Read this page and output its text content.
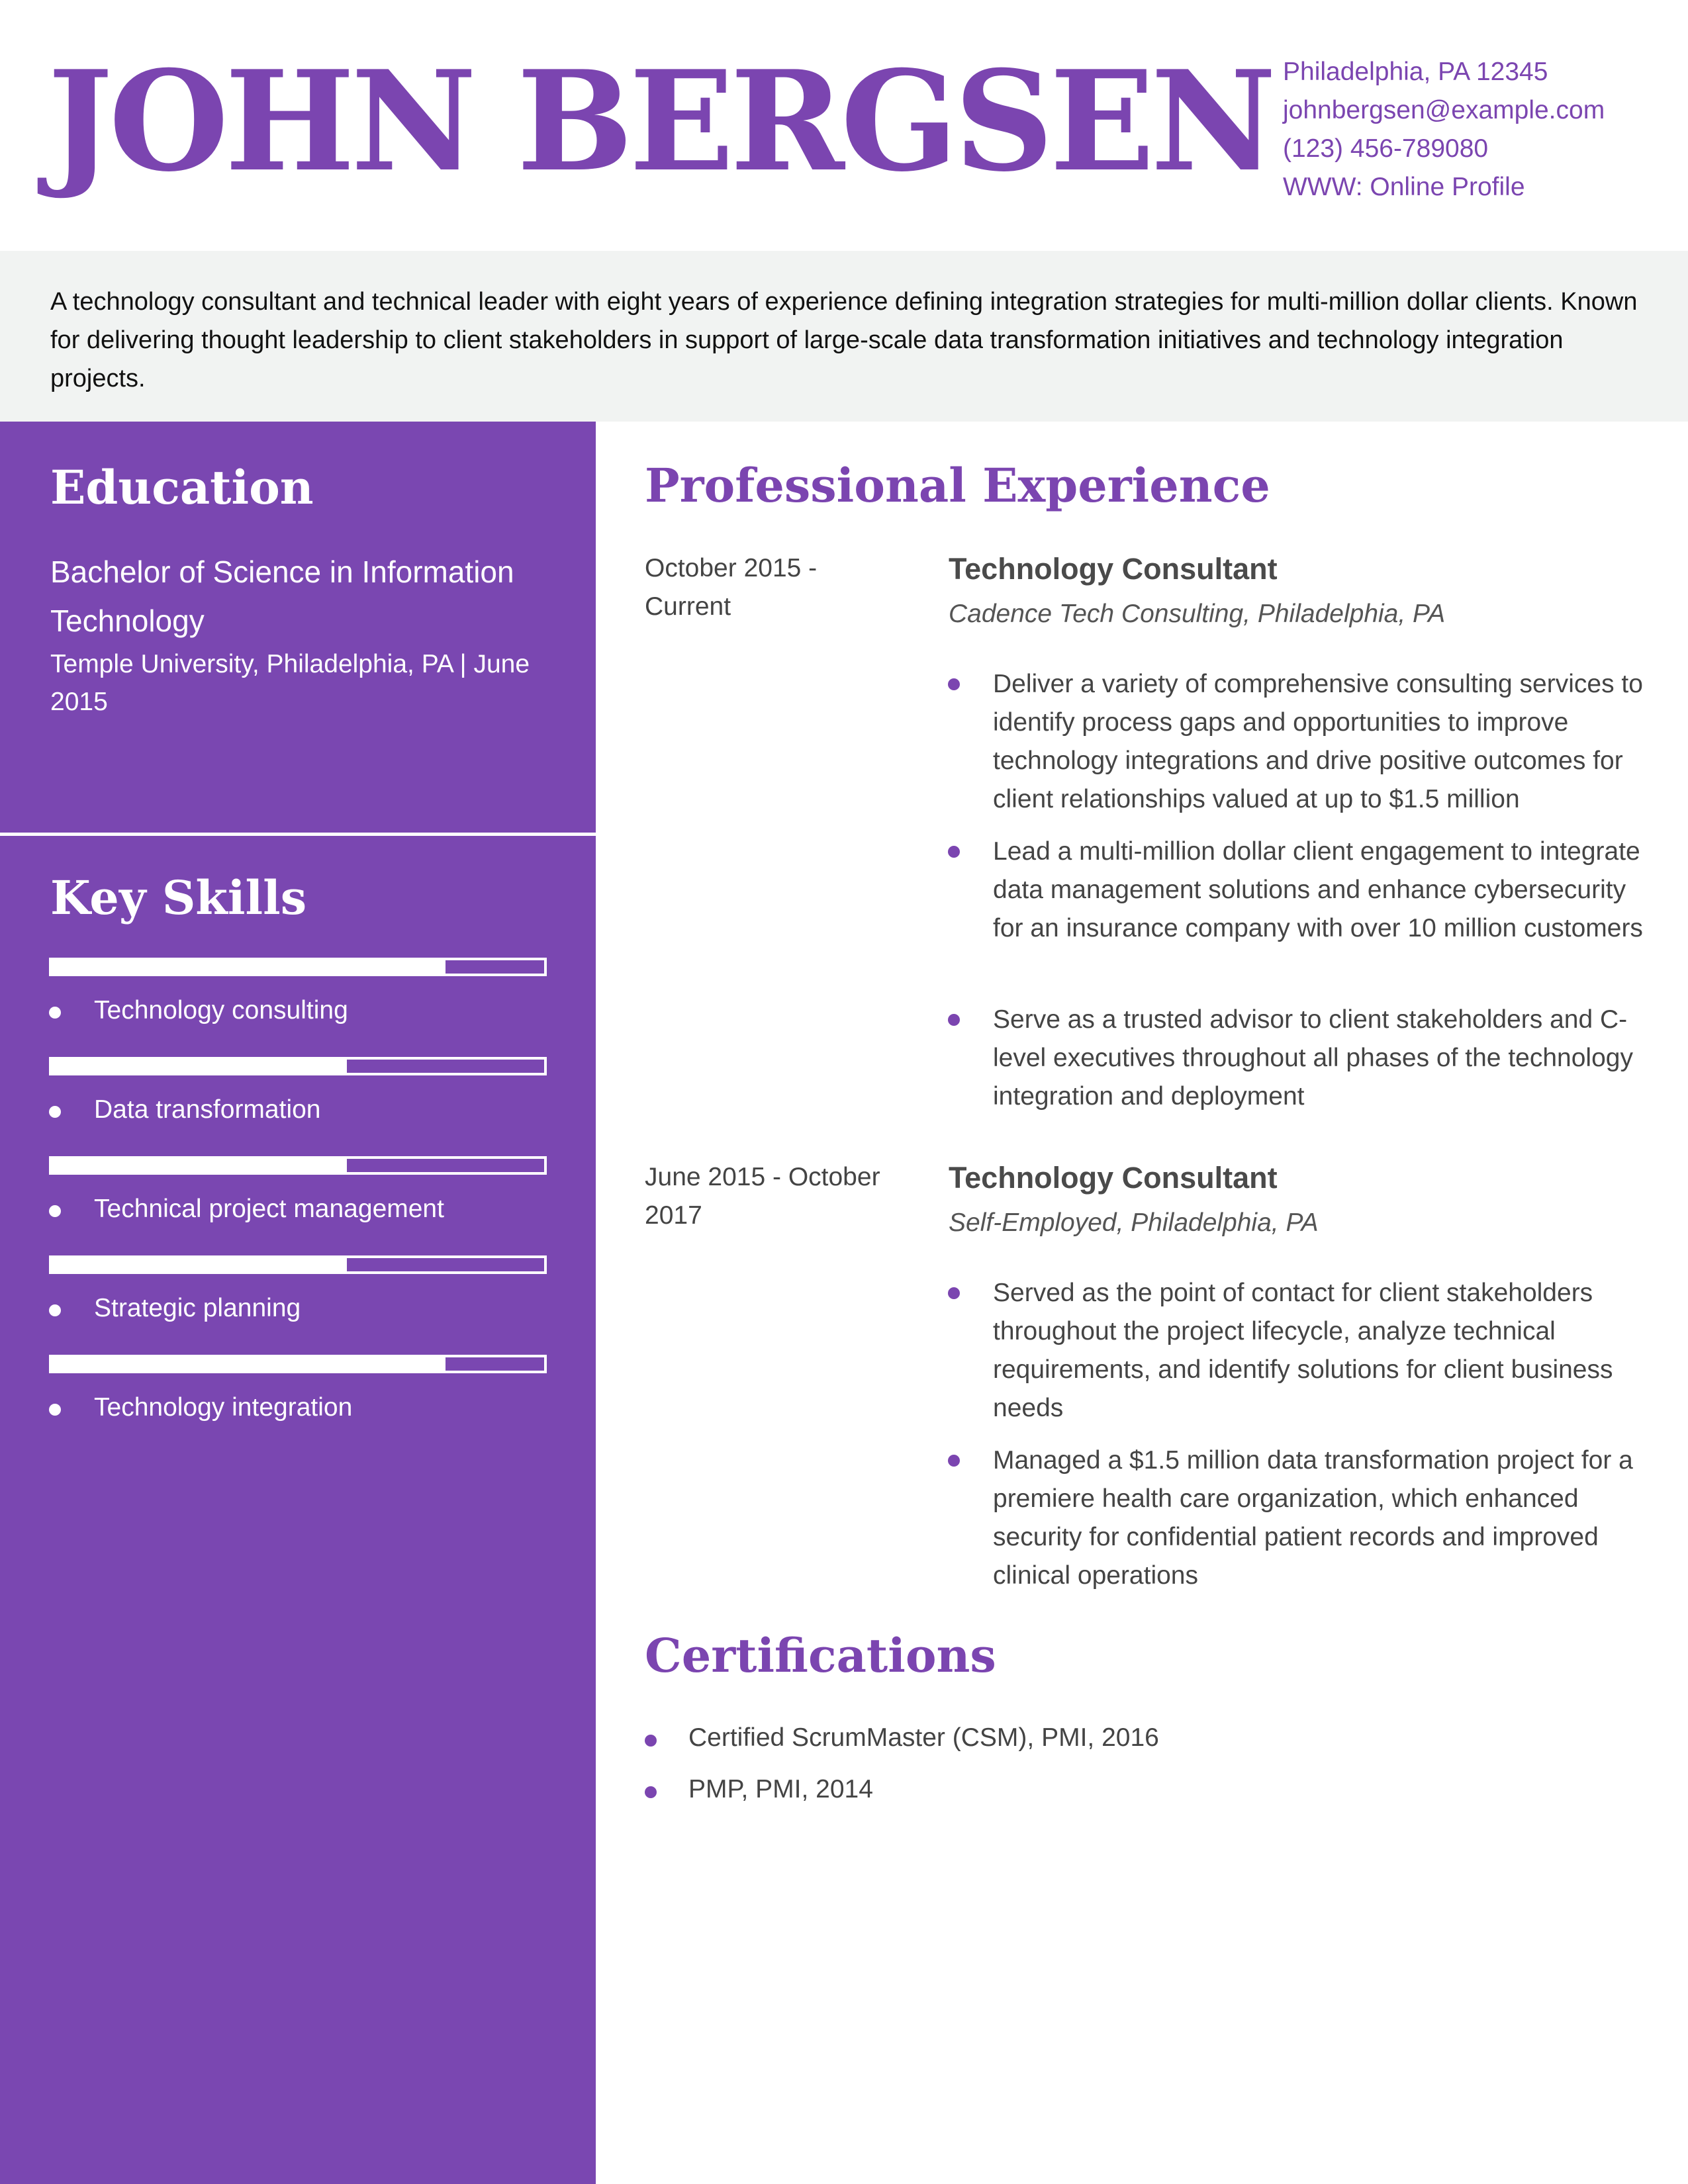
JOHN BERGSEN Philadelphia, PA 12345
johnbergsen@example.com
(123) 456-789080
WWW: Online Profile
A technology consultant and technical leader with eight years of experience defining integration strategies for multi-million dollar clients. Known for delivering thought leadership to client stakeholders in support of large-scale data transformation initiatives and technology integration projects.
Education
Bachelor of Science in Information Technology
Temple University, Philadelphia, PA | June 2015
Key Skills
Technology consulting
Data transformation
Technical project management
Strategic planning
Technology integration
Professional Experience
October 2015 - Current
Technology Consultant
Cadence Tech Consulting, Philadelphia, PA
Deliver a variety of comprehensive consulting services to identify process gaps and opportunities to improve technology integrations and drive positive outcomes for client relationships valued at up to $1.5 million
Lead a multi-million dollar client engagement to integrate data management solutions and enhance cybersecurity for an insurance company with over 10 million customers
Serve as a trusted advisor to client stakeholders and C-level executives throughout all phases of the technology integration and deployment
June 2015 - October 2017
Technology Consultant
Self-Employed, Philadelphia, PA
Served as the point of contact for client stakeholders throughout the project lifecycle, analyze technical requirements, and identify solutions for client business needs
Managed a $1.5 million data transformation project for a premiere health care organization, which enhanced security for confidential patient records and improved clinical operations
Certifications
Certified ScrumMaster (CSM), PMI, 2016
PMP, PMI, 2014
